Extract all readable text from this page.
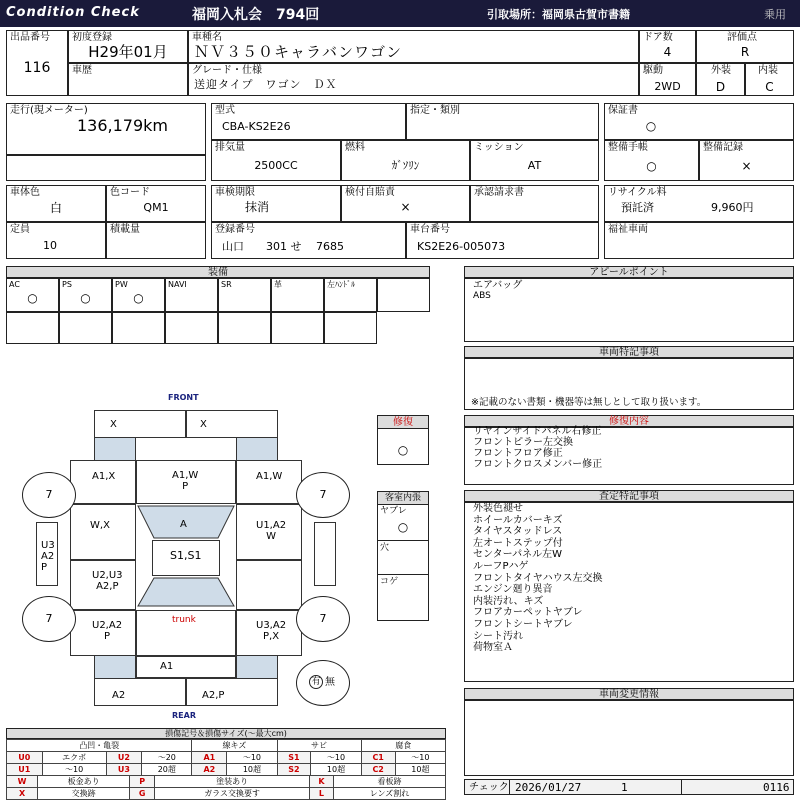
Condition Check	福岡入札会　794回	引取場所：福岡県古賀市書籍	乗用
出品番号
116
初度登録
H29年01月
車歴
車種名
ＮＶ３５０キャラバンワゴン
グレード・仕様
送迎タイプ　ワゴン　ＤＸ
ドア数
4
駆動
2WD
評価点
R
外装
D
内装
C
走行(現メーター)
136,179km
型式
CBA-KS2E26
指定・類別
排気量
2500CC
燃料
ｶﾞｿﾘﾝ
ミッション
AT
保証書
○
整備手帳
○
整備記録
×
車体色
白
色コード
QM1
定員
10
積載量
車検期限
抹消
検付自賠責
×
承認請求書
登録番号
山口　　301 せ　 7685
車台番号
KS2E26-005073
リサイクル料
預託済	9,960円
福祉車両
装備
AC
○
PS
○
PW
○
NAVI	SR	革	左ﾊﾝﾄﾞﾙ
アピールポイント
エアバッグ
ABS
車両特記事項
※記載のない書類・機器等は無しとして取り扱います。
修復内容
リヤインサイドパネル右修正
フロントピラー左交換
フロントフロア修正
フロントクロスメンバー修正
査定特記事項
外装色褪せ
ホイールカバーキズ
タイヤスタッドレス
左オートステップ付
センターパネル左W
ルーフPハゲ
フロントタイヤハウス左交換
エンジン廻り異音
内装汚れ、キズ
フロアカーペットヤブレ
フロントシートヤブレ
シート汚れ
荷物室Ａ
車両変更情報
チェック 2026/01/27	1	0116
修復
○
客室内張
ヤブレ
○
穴
コゲ
FRONT
REAR
X	X
A1,X	A1,W
P
A1,W
W,X	U1,A2
W
A
S1,S1
U3
A2
P
U2,U3
A2,P
U2,A2
P
trunk	U3,A2
P,X
A1
A2	A2,P
7	7
7	7
有 無
損傷記号＆損傷サイズ(〜最大cm)
凸凹・亀裂				線キズ		サビ		腐食	
U0	エクボ	U2	〜20	A1	〜10	S1	〜10	C1	〜10
U1	〜10	U3	20超	A2	10超	S2	10超	C2	10超
W	板金あり	P	塗装あり	K	看板跡
X	交換跡	G	ガラス交換要す	L	レンズ割れ
